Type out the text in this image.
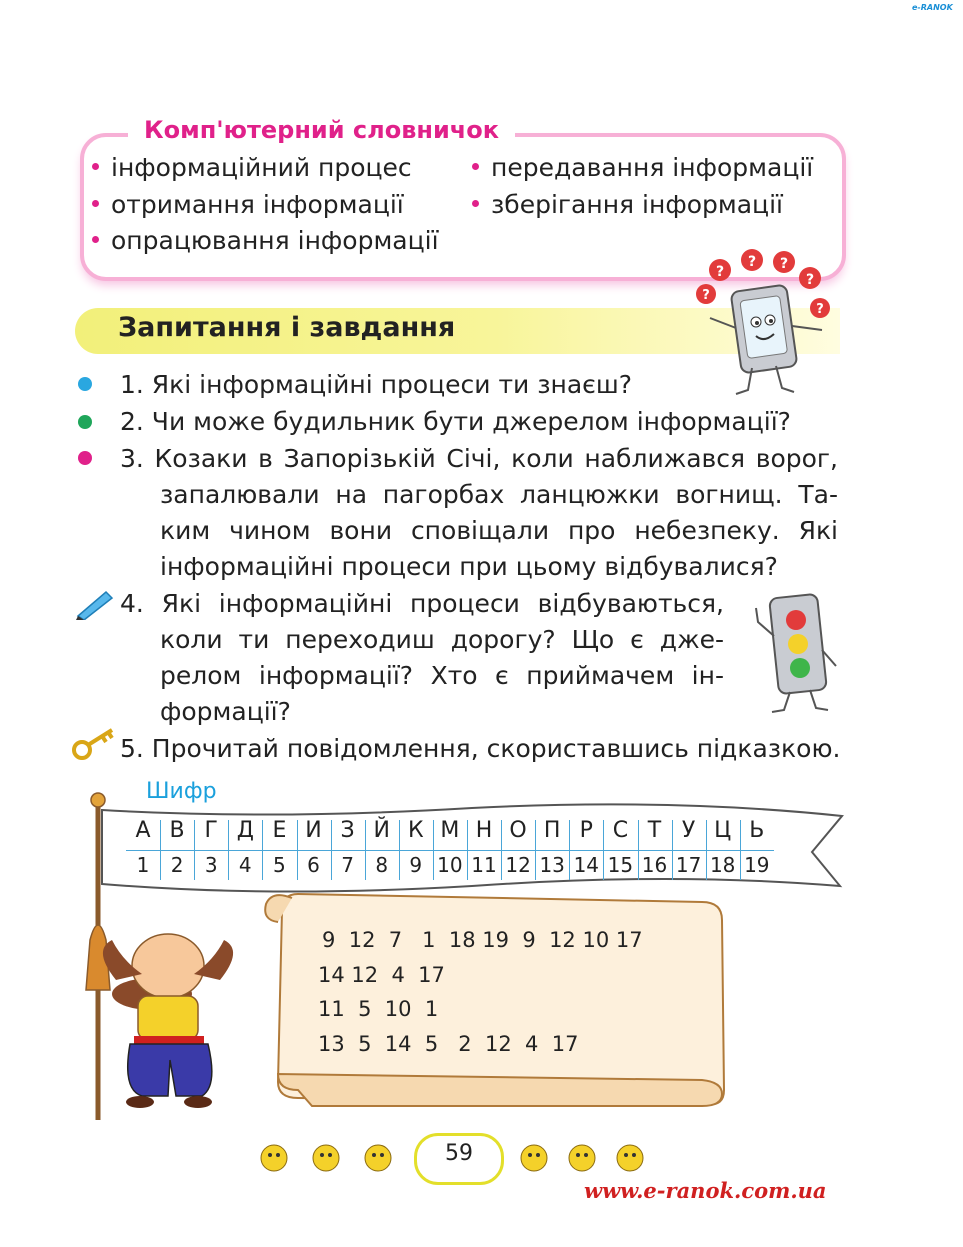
e-RANOK
Комп'ютерний словничок
інформаційний процес
отримання інформації
опрацювання інформації
передавання інформації
зберігання інформації
Запитання і завдання
?
? ?
?
?
?
1. Які інформаційні процеси ти знаєш?
2. Чи може будильник бути джерелом інформації?
3. Козаки в Запорізькій Січі, коли наближався ворог,
запалювали на пагорбах ланцюжки вогнищ. Та-
ким чином вони сповіщали про небезпеку. Які
інформаційні процеси при цьому відбувалися?
4. Які інформаційні процеси відбуваються,
коли ти переходиш дорогу? Що є дже-
релом інформації? Хто є приймачем ін-
формації?
5. Прочитай повідомлення, скориставшись підказкою.
Шифр
А
1
В
2
Г
3
Д
4
Е
5
И
6
З
7
Й
8
К
9
М
10
Н
11
О
12
П
13
Р
14
С
15
Т
16
У
17
Ц
18
Ь
19
9  12  7   1  18 19  9  12 10 17
14 12  4  17
11  5  10  1
13  5  14  5   2  12  4  17
59
www.e-ranok.com.ua
